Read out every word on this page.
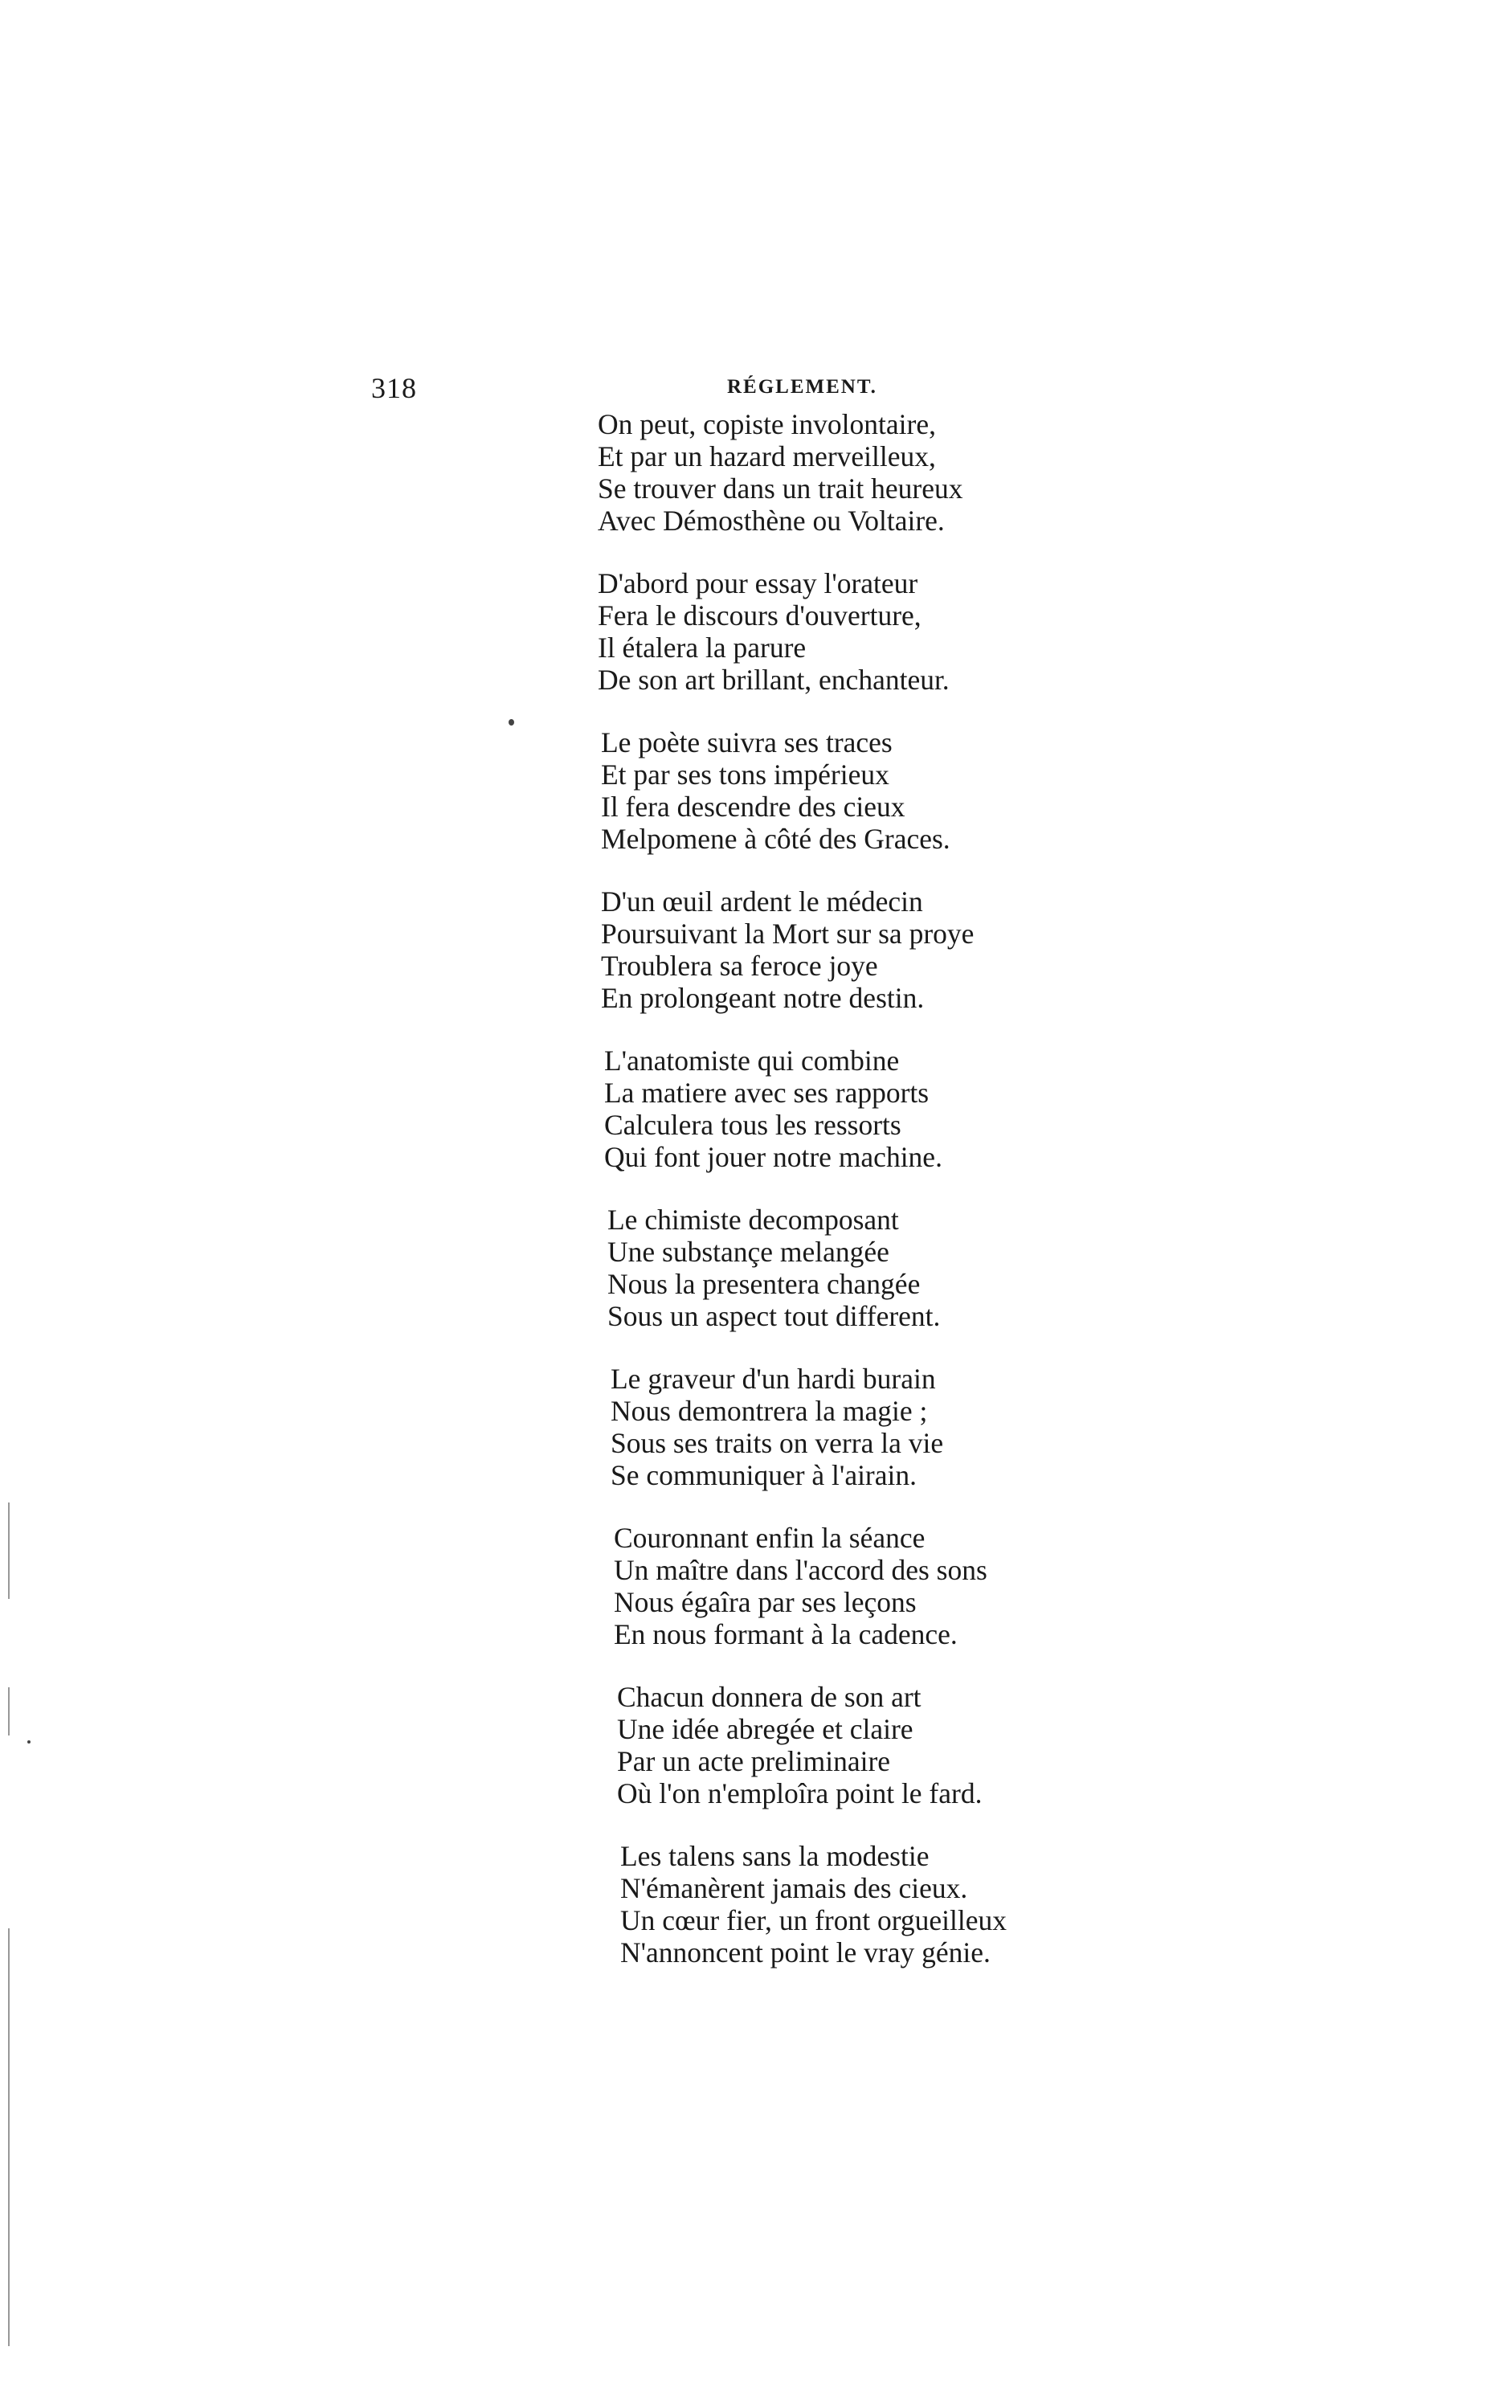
318	RÉGLEMENT.
On peut, copiste involontaire,
Et par un hazard merveilleux,
Se trouver dans un trait heureux
Avec Démosthène ou Voltaire.
D'abord pour essay l'orateur
Fera le discours d'ouverture,
Il étalera la parure
De son art brillant, enchanteur.
Le poète suivra ses traces
Et par ses tons impérieux
Il fera descendre des cieux
Melpomene à côté des Graces.
D'un œuil ardent le médecin
Poursuivant la Mort sur sa proye
Troublera sa feroce joye
En prolongeant notre destin.
L'anatomiste qui combine
La matiere avec ses rapports
Calculera tous les ressorts
Qui font jouer notre machine.
Le chimiste decomposant
Une substançe melangée
Nous la presentera changée
Sous un aspect tout different.
Le graveur d'un hardi burain
Nous demontrera la magie ;
Sous ses traits on verra la vie
Se communiquer à l'airain.
Couronnant enfin la séance
Un maître dans l'accord des sons
Nous égaîra par ses leçons
En nous formant à la cadence.
Chacun donnera de son art
Une idée abregée et claire
Par un acte preliminaire
Où l'on n'emploîra point le fard.
Les talens sans la modestie
N'émanèrent jamais des cieux.
Un cœur fier, un front orgueilleux
N'annoncent point le vray génie.
